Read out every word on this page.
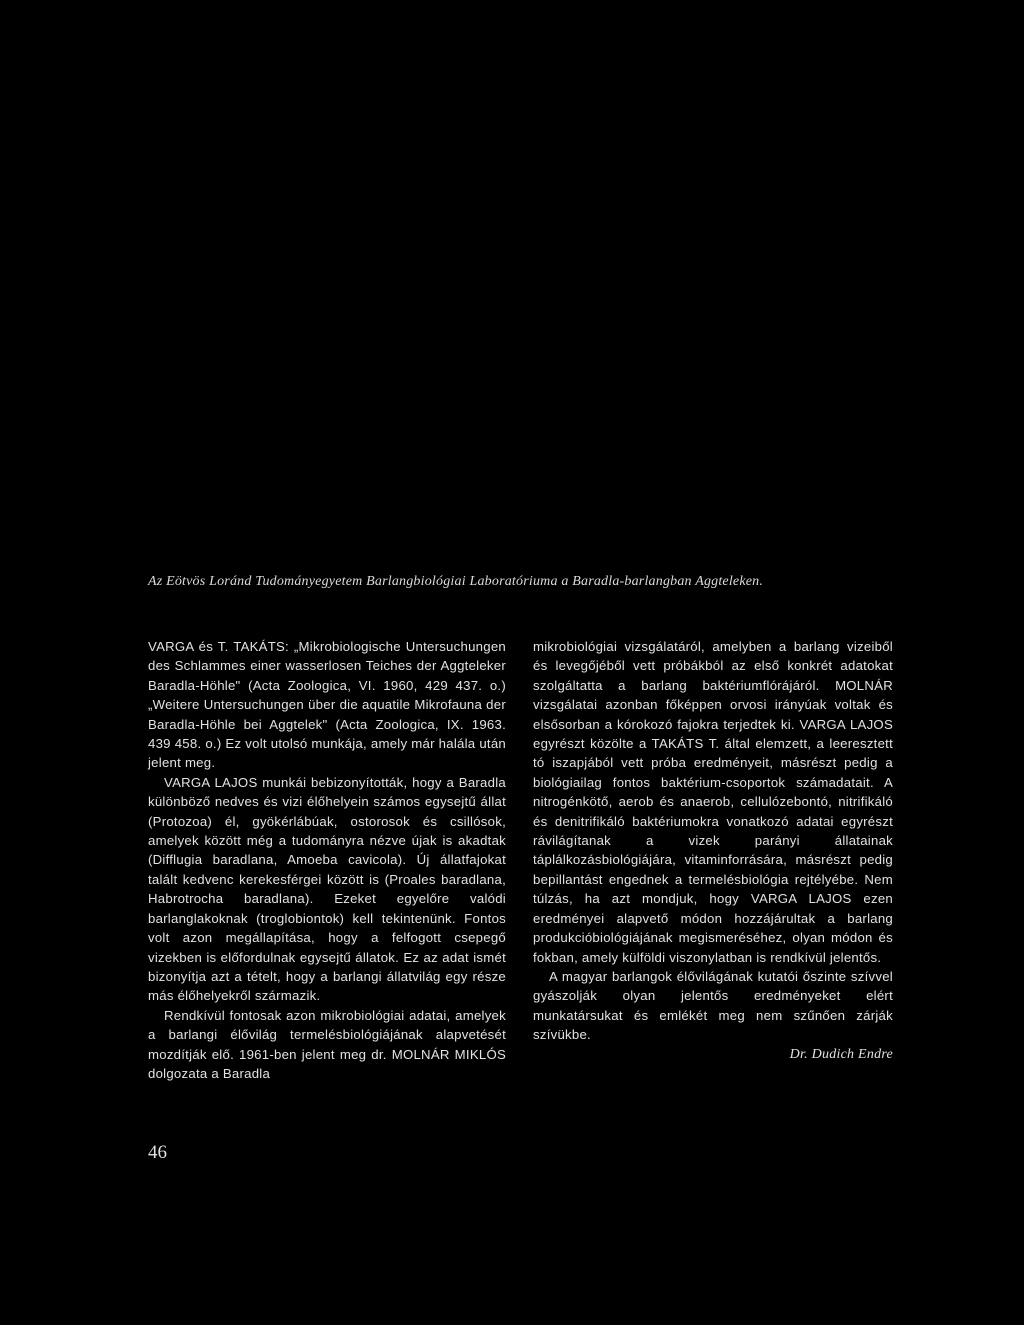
Az Eötvös Loránd Tudományegyetem Barlangbiológiai Laboratóriuma a Baradla-barlangban Aggteleken.

VARGA és T. TAKÁTS: „Mikrobiologische Untersuchungen des Schlammes einer wasserlosen Teiches der Aggteleker Baradla-Höhle" (Acta Zoologica, VI. 1960, 429 437. o.) „Weitere Untersuchungen über die aquatile Mikrofauna der Baradla-Höhle bei Aggtelek" (Acta Zoologica, IX. 1963. 439 458. o.) Ez volt utolsó munkája, amely már halála után jelent meg.

VARGA LAJOS munkái bebizonyították, hogy a Baradla különböző nedves és vizi élőhelyein számos egysejtű állat (Protozoa) él, gyökérlábúak, ostorosok és csillósok, amelyek között még a tudományra nézve újak is akadtak (Difflugia baradlana, Amoeba cavicola). Új állatfajokat talált kedvenc kerekesférgei között is (Proales baradlana, Habrotrocha baradlana). Ezeket egyelőre valódi barlanglakoknak (troglobiontok) kell tekintenünk. Fontos volt azon megállapítása, hogy a felfogott csepegő vizekben is előfordulnak egysejtű állatok. Ez az adat ismét bizonyítja azt a tételt, hogy a barlangi állatvilág egy része más élőhelyekről származik.

Rendkívül fontosak azon mikrobiológiai adatai, amelyek a barlangi élővilág termelésbiológiájának alapvetését mozdítják elő. 1961-ben jelent meg dr. MOLNÁR MIKLÓS dolgozata a Baradla

mikrobiológiai vizsgálatáról, amelyben a barlang vizeiből és levegőjéből vett próbákból az első konkrét adatokat szolgáltatta a barlang baktériumflórájáról. MOLNÁR vizsgálatai azonban főképpen orvosi irányúak voltak és elsősorban a kórokozó fajokra terjedtek ki. VARGA LAJOS egyrészt közölte a TAKÁTS T. által elemzett, a leeresztett tó iszapjából vett próba eredményeit, másrészt pedig a biológiailag fontos baktérium-csoportok számadatait. A nitrogénkötő, aerob és anaerob, cellulózebontó, nitrifikáló és denitrifikáló baktériumokra vonatkozó adatai egyrészt rávilágítanak a vizek parányi állatainak táplálkozásbiológiájára, vitaminforrására, másrészt pedig bepillantást engednek a termelésbiológia rejtélyébe. Nem túlzás, ha azt mondjuk, hogy VARGA LAJOS ezen eredményei alapvető módon hozzájárultak a barlang produkcióbiológiájának megismeréséhez, olyan módon és fokban, amely külföldi viszonylatban is rendkívül jelentős.

A magyar barlangok élővilágának kutatói őszinte szívvel gyászolják olyan jelentős eredményeket elért munkatársukat és emlékét meg nem szűnően zárják szívükbe.

Dr. Dudich Endre

46
